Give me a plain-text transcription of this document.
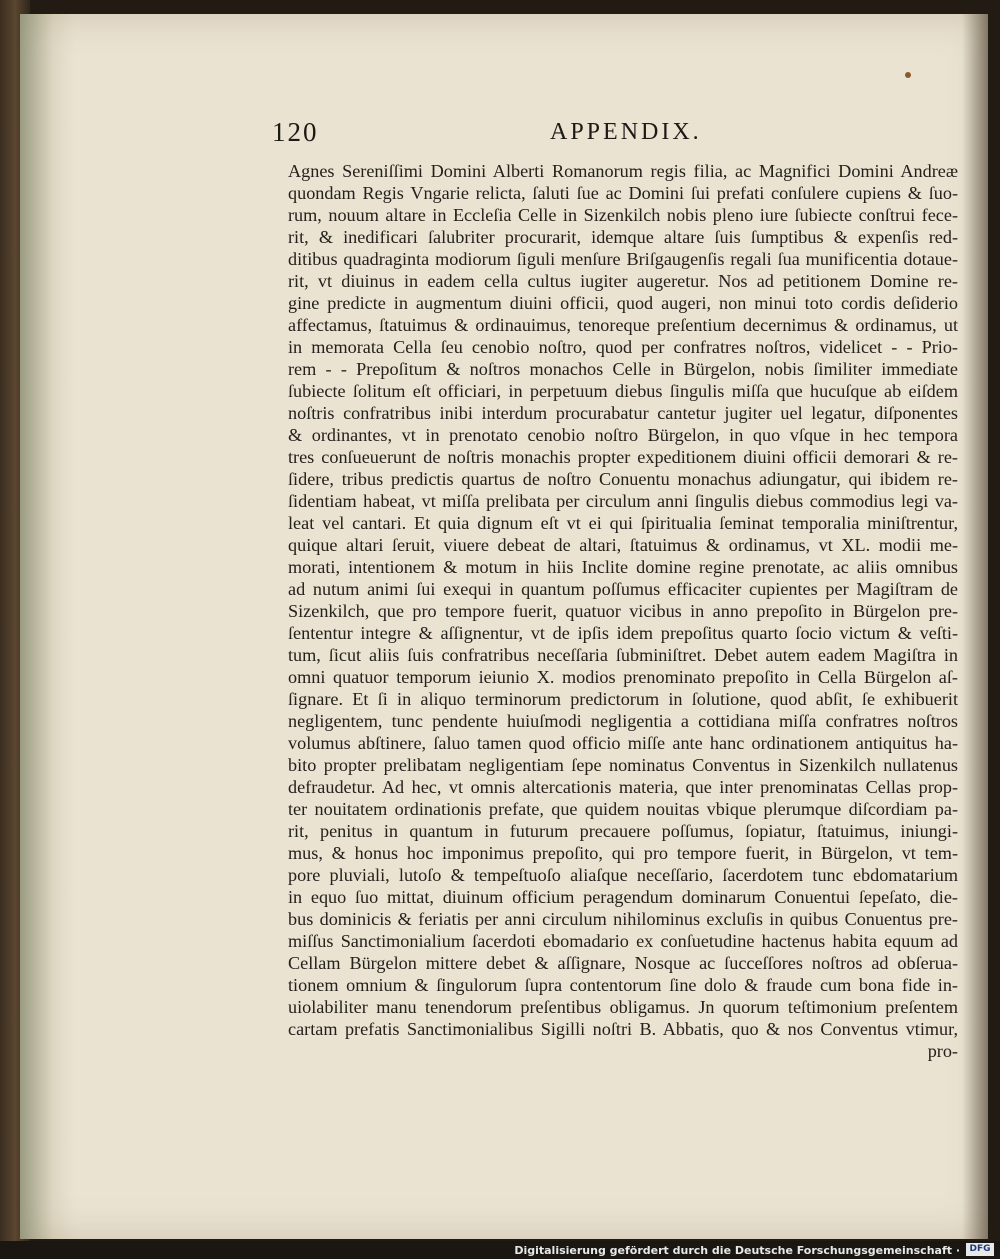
120	APPENDIX.
Agnes Sereniſſimi Domini Alberti Romanorum regis filia, ac Magnifici Domini Andreæ
quondam Regis Vngarie relicta, ſaluti ſue ac Domini ſui prefati conſulere cupiens & ſuo-
rum, nouum altare in Eccleſia Celle in Sizenkilch nobis pleno iure ſubiecte conſtrui fece-
rit, & inedificari ſalubriter procurarit, idemque altare ſuis ſumptibus & expenſis red-
ditibus quadraginta modiorum ſiguli menſure Briſgaugenſis regali ſua munificentia dotaue-
rit, vt diuinus in eadem cella cultus iugiter augeretur. Nos ad petitionem Domine re-
gine predicte in augmentum diuini officii, quod augeri, non minui toto cordis deſiderio
affectamus, ſtatuimus & ordinauimus, tenoreque preſentium decernimus & ordinamus, ut
in memorata Cella ſeu cenobio noſtro, quod per confratres noſtros, videlicet - - Prio-
rem - - Prepoſitum & noſtros monachos Celle in Bürgelon, nobis ſimiliter immediate
ſubiecte ſolitum eſt officiari, in perpetuum diebus ſingulis miſſa que hucuſque ab eiſdem
noſtris confratribus inibi interdum procurabatur cantetur jugiter uel legatur, diſponentes
& ordinantes, vt in prenotato cenobio noſtro Bürgelon, in quo vſque in hec tempora
tres conſueuerunt de noſtris monachis propter expeditionem diuini officii demorari & re-
ſidere, tribus predictis quartus de noſtro Conuentu monachus adiungatur, qui ibidem re-
ſidentiam habeat, vt miſſa prelibata per circulum anni ſingulis diebus commodius legi va-
leat vel cantari. Et quia dignum eſt vt ei qui ſpiritualia ſeminat temporalia miniſtrentur,
quique altari ſeruit, viuere debeat de altari, ſtatuimus & ordinamus, vt XL. modii me-
morati, intentionem & motum in hiis Inclite domine regine prenotate, ac aliis omnibus
ad nutum animi ſui exequi in quantum poſſumus efficaciter cupientes per Magiſtram de
Sizenkilch, que pro tempore fuerit, quatuor vicibus in anno prepoſito in Bürgelon pre-
ſententur integre & aſſignentur, vt de ipſis idem prepoſitus quarto ſocio victum & veſti-
tum, ſicut aliis ſuis confratribus neceſſaria ſubminiſtret. Debet autem eadem Magiſtra in
omni quatuor temporum ieiunio X. modios prenominato prepoſito in Cella Bürgelon aſ-
ſignare. Et ſi in aliquo terminorum predictorum in ſolutione, quod abſit, ſe exhibuerit
negligentem, tunc pendente huiuſmodi negligentia a cottidiana miſſa confratres noſtros
volumus abſtinere, ſaluo tamen quod officio miſſe ante hanc ordinationem antiquitus ha-
bito propter prelibatam negligentiam ſepe nominatus Conventus in Sizenkilch nullatenus
defraudetur. Ad hec, vt omnis altercationis materia, que inter prenominatas Cellas prop-
ter nouitatem ordinationis prefate, que quidem nouitas vbique plerumque diſcordiam pa-
rit, penitus in quantum in futurum precauere poſſumus, ſopiatur, ſtatuimus, iniungi-
mus, & honus hoc imponimus prepoſito, qui pro tempore fuerit, in Bürgelon, vt tem-
pore pluviali, lutoſo & tempeſtuoſo aliaſque neceſſario, ſacerdotem tunc ebdomatarium
in equo ſuo mittat, diuinum officium peragendum dominarum Conuentui ſepeſato, die-
bus dominicis & feriatis per anni circulum nihilominus excluſis in quibus Conuentus pre-
miſſus Sanctimonialium ſacerdoti ebomadario ex conſuetudine hactenus habita equum ad
Cellam Bürgelon mittere debet & aſſignare, Nosque ac ſucceſſores noſtros ad obſerua-
tionem omnium & ſingulorum ſupra contentorum ſine dolo & fraude cum bona fide in-
uiolabiliter manu tenendorum preſentibus obligamus. Jn quorum teſtimonium preſentem
cartam prefatis Sanctimonialibus Sigilli noſtri B. Abbatis, quo & nos Conventus vtimur,
pro-
Digitalisierung gefördert durch die Deutsche Forschungsgemeinschaft ·	DFG
